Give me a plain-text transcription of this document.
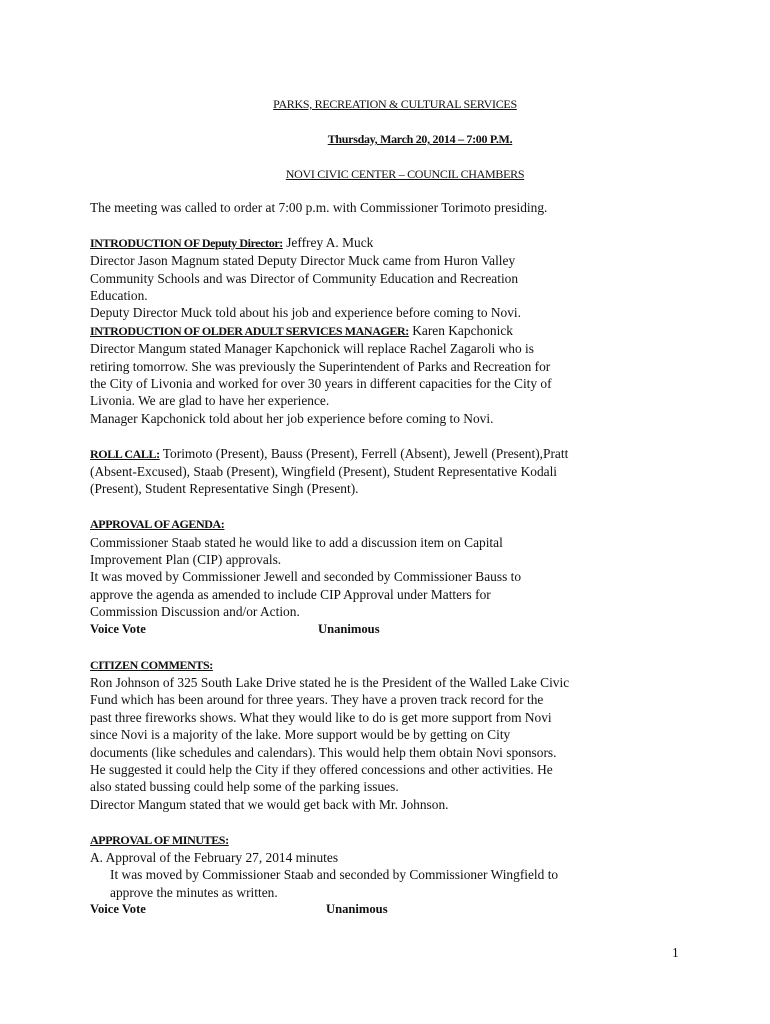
PARKS, RECREATION & CULTURAL SERVICES
Thursday, March 20, 2014 – 7:00 P.M.
NOVI CIVIC CENTER – COUNCIL CHAMBERS

The meeting was called to order at 7:00 p.m. with Commissioner Torimoto presiding.

INTRODUCTION OF Deputy Director: Jeffrey A. Muck

Director Jason Magnum stated Deputy Director Muck came from Huron Valley

Community Schools and was Director of Community Education and Recreation

Education.

Deputy Director Muck told about his job and experience before coming to Novi.

INTRODUCTION OF OLDER ADULT SERVICES MANAGER: Karen Kapchonick

Director Mangum stated Manager Kapchonick will replace Rachel Zagaroli who is

retiring tomorrow. She was previously the Superintendent of Parks and Recreation for

the City of Livonia and worked for over 30 years in different capacities for the City of

Livonia. We are glad to have her experience.

Manager Kapchonick told about her job experience before coming to Novi.

ROLL CALL: Torimoto (Present), Bauss (Present), Ferrell (Absent), Jewell (Present),Pratt

(Absent-Excused), Staab (Present), Wingfield (Present), Student Representative Kodali

(Present), Student Representative Singh (Present).

APPROVAL OF AGENDA:

Commissioner Staab stated he would like to add a discussion item on Capital

Improvement Plan (CIP) approvals.

It was moved by Commissioner Jewell and seconded by Commissioner Bauss to

approve the agenda as amended to include CIP Approval under Matters for

Commission Discussion and/or Action.

Voice Vote	Unanimous

CITIZEN COMMENTS:

Ron Johnson of 325 South Lake Drive stated he is the President of the Walled Lake Civic

Fund which has been around for three years. They have a proven track record for the

past three fireworks shows. What they would like to do is get more support from Novi

since Novi is a majority of the lake. More support would be by getting on City

documents (like schedules and calendars). This would help them obtain Novi sponsors.

He suggested it could help the City if they offered concessions and other activities. He

also stated bussing could help some of the parking issues.

Director Mangum stated that we would get back with Mr. Johnson.

APPROVAL OF MINUTES:

A. Approval of the February 27, 2014 minutes

It was moved by Commissioner Staab and seconded by Commissioner Wingfield to

approve the minutes as written.

Voice Vote	Unanimous

1
